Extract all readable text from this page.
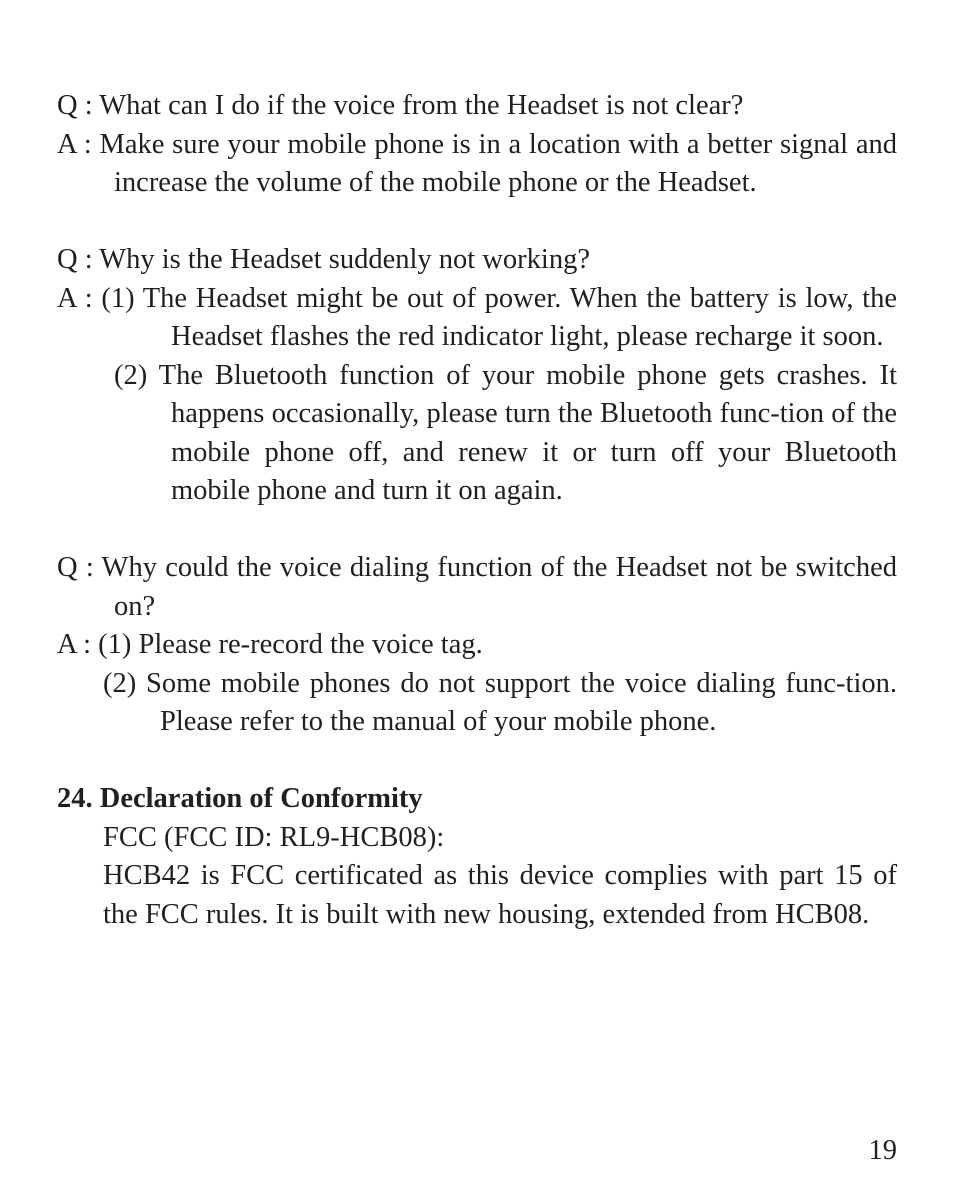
Q : What can I do if the voice from the Headset is not clear?

A : Make sure your mobile phone is in a location with a better signal and increase the volume of the mobile phone or the Headset.

Q : Why is the Headset suddenly not working?

A : (1) The Headset might be out of power. When the battery is low, the Headset flashes the red indicator light, please recharge it soon.

(2) The Bluetooth function of your mobile phone gets crashes. It happens occasionally, please turn the Bluetooth func-tion of the mobile phone off, and renew it or turn off your Bluetooth mobile phone and turn it on again.

Q : Why could the voice dialing function of the Headset not be switched on?

A : (1) Please re-record the voice tag.

(2) Some mobile phones do not support the voice dialing func-tion. Please refer to the manual of your mobile phone.

24. Declaration of Conformity

FCC (FCC ID: RL9-HCB08):

HCB42 is FCC certificated as this device complies with part 15 of the FCC rules. It is built with new housing, extended from HCB08.

19
